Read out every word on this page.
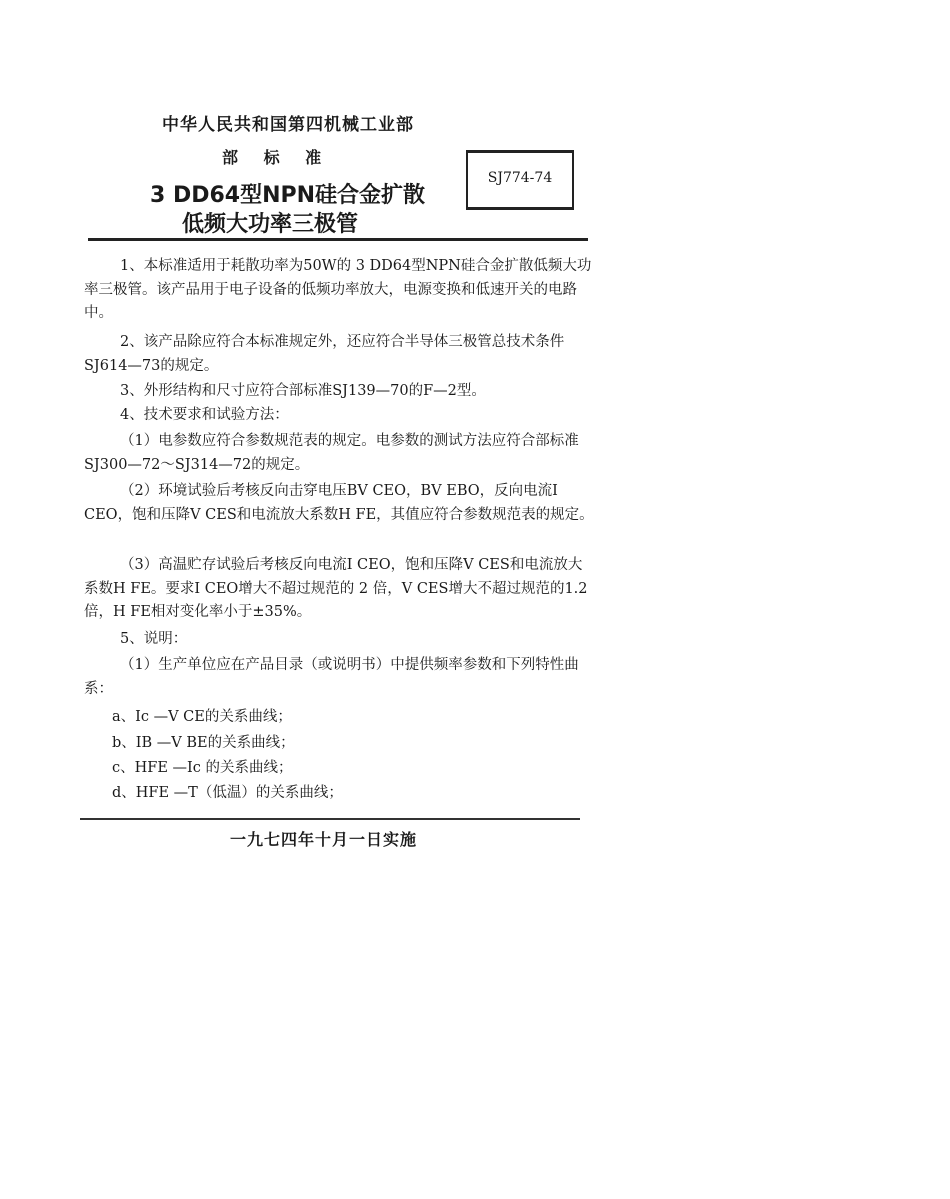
中华人民共和国第四机械工业部
部 标 准
3 DD64型NPN硅合金扩散
低频大功率三极管
SJ774-74

1、本标准适用于耗散功率为50W的 3 DD64型NPN硅合金扩散低频大功率三极管。该产品用于电子设备的低频功率放大，电源变换和低速开关的电路中。

2、该产品除应符合本标准规定外，还应符合半导体三极管总技术条件SJ614—73的规定。

3、外形结构和尺寸应符合部标准SJ139—70的F—2型。

4、技术要求和试验方法：

（1）电参数应符合参数规范表的规定。电参数的测试方法应符合部标准SJ300—72～SJ314—72的规定。

（2）环境试验后考核反向击穿电压BV CEO，BV EBO，反向电流I CEO，饱和压降V CES和电流放大系数H FE，其值应符合参数规范表的规定。

（3）高温贮存试验后考核反向电流I CEO，饱和压降V CES和电流放大系数H FE。要求I CEO增大不超过规范的 2 倍，V CES增大不超过规范的1.2倍，H FE相对变化率小于±35%。

5、说明：

（1）生产单位应在产品目录（或说明书）中提供频率参数和下列特性曲系：

a、Ic —V CE的关系曲线；
b、IB —V BE的关系曲线；
c、HFE —Ic 的关系曲线；
d、HFE —T（低温）的关系曲线；
一九七四年十月一日实施
